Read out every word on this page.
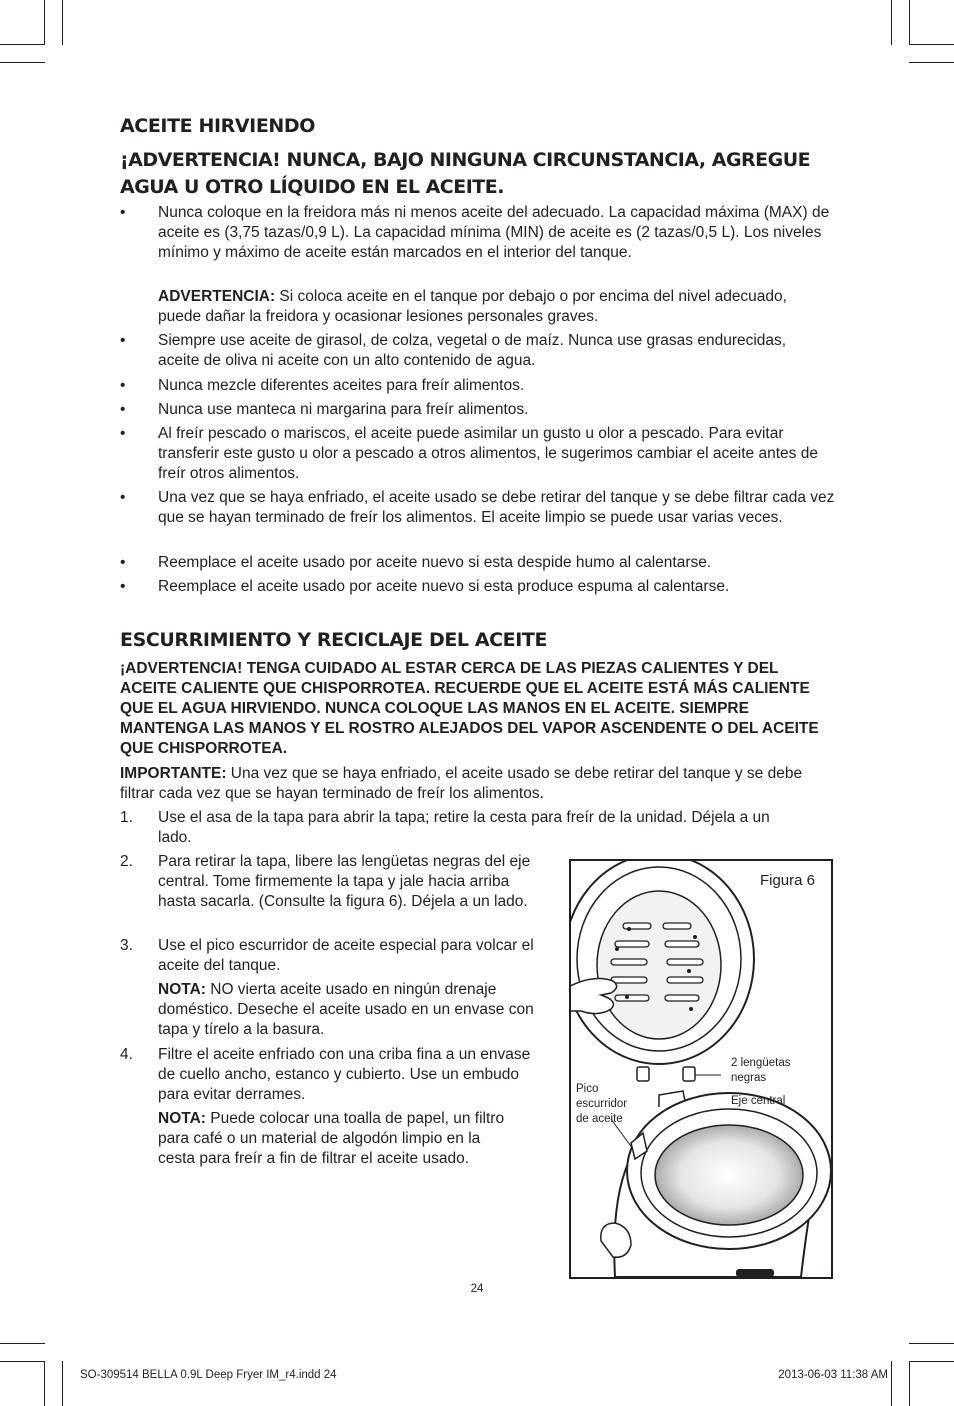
ACEITE HIRVIENDO

¡ADVERTENCIA! NUNCA, BAJO NINGUNA CIRCUNSTANCIA, AGREGUE AGUA U OTRO LÍQUIDO EN EL ACEITE.

• Nunca coloque en la freidora más ni menos aceite del adecuado. La capacidad máxima (MAX) de aceite es (3,75 tazas/0,9 L). La capacidad mínima (MIN) de aceite es (2 tazas/0,5 L). Los niveles mínimo y máximo de aceite están marcados en el interior del tanque.

ADVERTENCIA: Si coloca aceite en el tanque por debajo o por encima del nivel adecuado, puede dañar la freidora y ocasionar lesiones personales graves.

• Siempre use aceite de girasol, de colza, vegetal o de maíz. Nunca use grasas endurecidas, aceite de oliva ni aceite con un alto contenido de agua.

• Nunca mezcle diferentes aceites para freír alimentos.

• Nunca use manteca ni margarina para freír alimentos.

• Al freír pescado o mariscos, el aceite puede asimilar un gusto u olor a pescado. Para evitar transferir este gusto u olor a pescado a otros alimentos, le sugerimos cambiar el aceite antes de freír otros alimentos.

• Una vez que se haya enfriado, el aceite usado se debe retirar del tanque y se debe filtrar cada vez que se hayan terminado de freír los alimentos. El aceite limpio se puede usar varias veces.

• Reemplace el aceite usado por aceite nuevo si esta despide humo al calentarse.

• Reemplace el aceite usado por aceite nuevo si esta produce espuma al calentarse.

ESCURRIMIENTO Y RECICLAJE DEL ACEITE

¡ADVERTENCIA! TENGA CUIDADO AL ESTAR CERCA DE LAS PIEZAS CALIENTES Y DEL ACEITE CALIENTE QUE CHISPORROTEA. RECUERDE QUE EL ACEITE ESTÁ MÁS CALIENTE QUE EL AGUA HIRVIENDO. NUNCA COLOQUE LAS MANOS EN EL ACEITE. SIEMPRE MANTENGA LAS MANOS Y EL ROSTRO ALEJADOS DEL VAPOR ASCENDENTE O DEL ACEITE QUE CHISPORROTEA.

IMPORTANTE: Una vez que se haya enfriado, el aceite usado se debe retirar del tanque y se debe filtrar cada vez que se hayan terminado de freír los alimentos.

1. Use el asa de la tapa para abrir la tapa; retire la cesta para freír de la unidad. Déjela a un lado.

2. Para retirar la tapa, libere las lengüetas negras del eje central. Tome firmemente la tapa y jale hacia arriba hasta sacarla. (Consulte la figura 6). Déjela a un lado.

3. Use el pico escurridor de aceite especial para volcar el aceite del tanque.

NOTA: NO vierta aceite usado en ningún drenaje doméstico. Deseche el aceite usado en un envase con tapa y tírelo a la basura.

4. Filtre el aceite enfriado con una criba fina a un envase de cuello ancho, estanco y cubierto. Use un embudo para evitar derrames.

NOTA: Puede colocar una toalla de papel, un filtro para café o un material de algodón limpio en la cesta para freír a fin de filtrar el aceite usado.

Figura 6
2 lengüetas
negras
Eje central
Pico
escurridor
de aceite
24
SO-309514 BELLA 0.9L Deep Fryer IM_r4.indd 24	2013-06-03 11:38 AM
